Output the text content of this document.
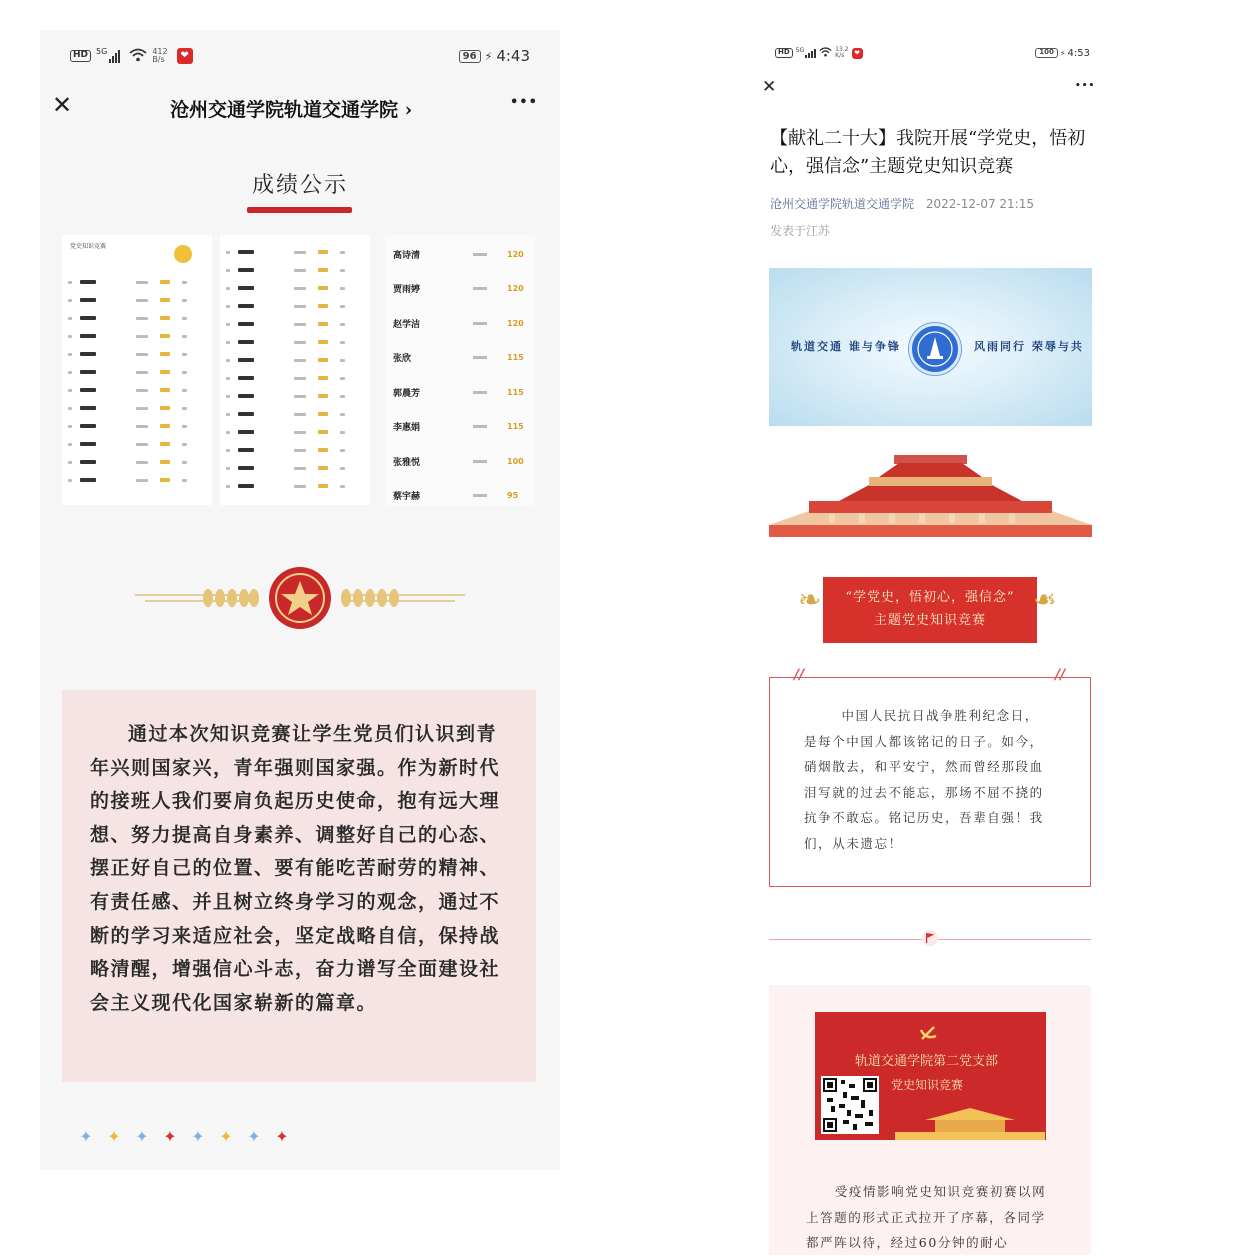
HD	5G	412
B/s	❤	96 ⚡ 4:43
✕	沧州交通学院轨道交通学院 ›	•••
成绩公示
党史知识竞赛
高诗清	120
贾雨婷	120
赵学洁	120
张欣	115
郭晨芳	115
李惠娟	115
张雅悦	100
蔡宇赫	95
通过本次知识竞赛让学生党员们认识到青年兴则国家兴，青年强则国家强。作为新时代的接班人我们要肩负起历史使命，抱有远大理想、努力提高自身素养、调整好自己的心态、摆正好自己的位置、要有能吃苦耐劳的精神、有责任感、并且树立终身学习的观念，通过不断的学习来适应社会，坚定战略自信，保持战略清醒，增强信心斗志，奋力谱写全面建设社会主义现代化国家崭新的篇章。
✦ ✦ ✦ ✦ ✦ ✦ ✦ ✦
HD	5G	13.2
K/s	❤	100 ⚡ 4:53
✕	•••
【献礼二十大】我院开展“学党史，悟初心，强信念”主题党史知识竞赛
沧州交通学院轨道交通学院 2022-12-07 21:15
发表于江苏
轨道交通 谁与争锋	风雨同行 荣辱与共
❧	“学党史，悟初心，强信念”
主题党史知识竞赛
❧
//	//
中国人民抗日战争胜利纪念日，是每个中国人都该铭记的日子。如今，硝烟散去，和平安宁，然而曾经那段血泪写就的过去不能忘，那场不屈不挠的抗争不敢忘。铭记历史，吾辈自强！我们，从未遗忘！
轨道交通学院第二党支部
党史知识竞赛
受疫情影响党史知识竞赛初赛以网上答题的形式正式拉开了序幕，各同学都严阵以待，经过60分钟的耐心
